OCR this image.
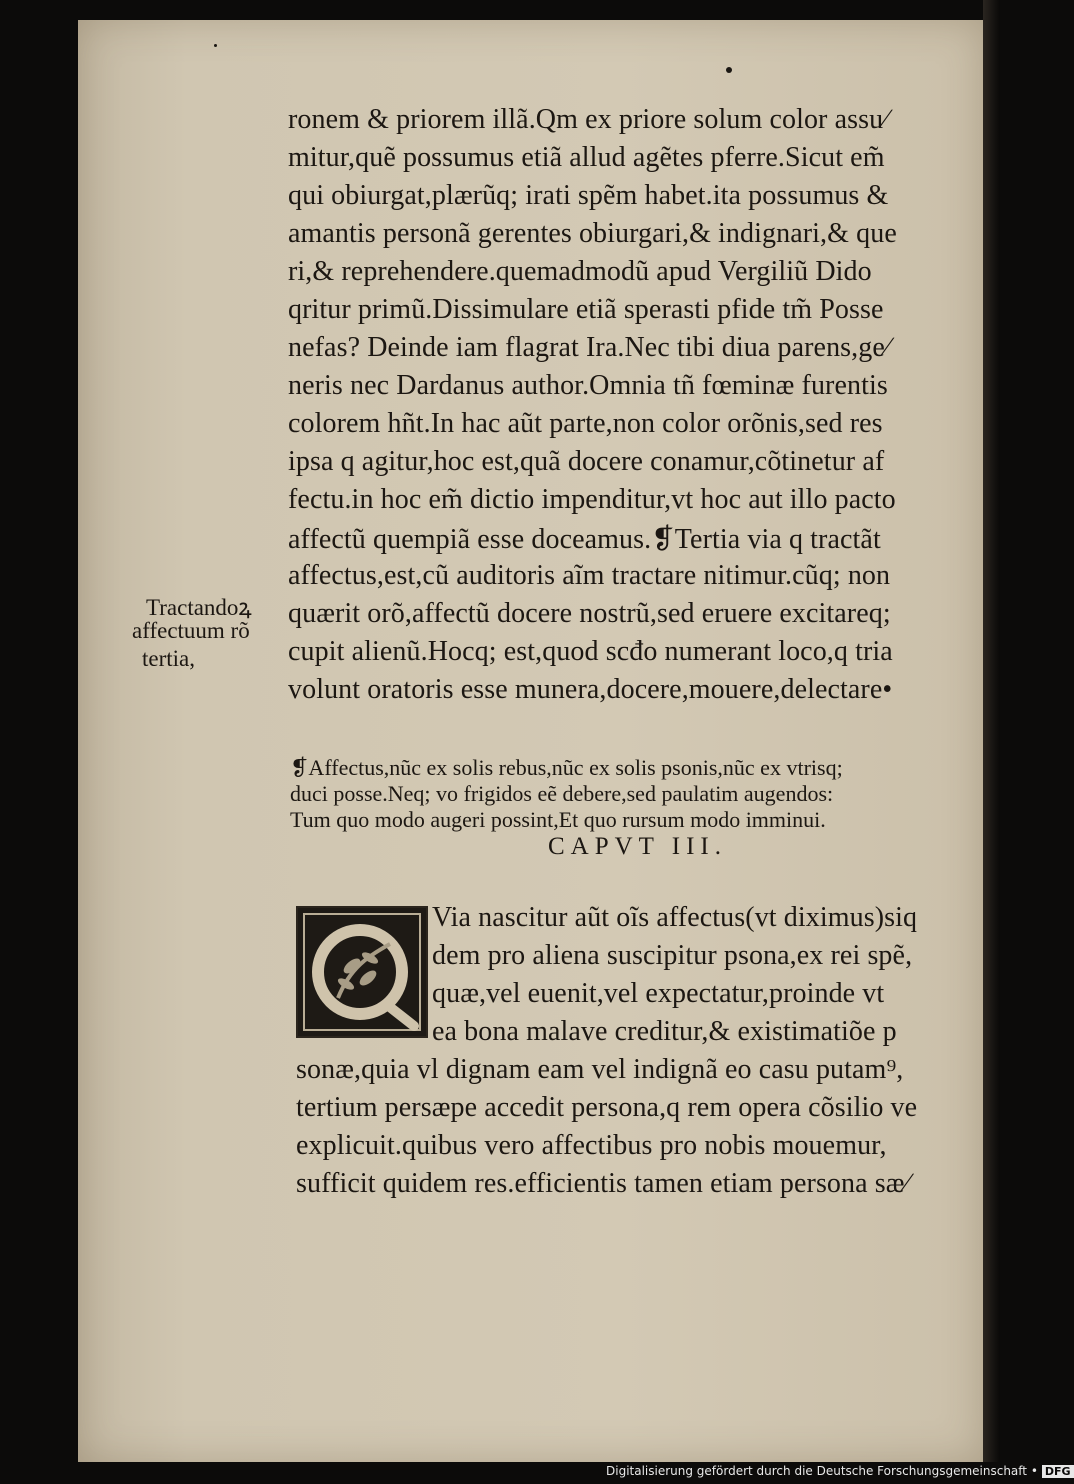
ronem & priorem illã.Qm ex priore solum color assu∕
mitur,quẽ possumus etiã allud agẽtes pferre.Sicut em̃
qui obiurgat,plærũq; irati spẽm habet.ita possumus &
amantis personã gerentes obiurgari,& indignari,& que
ri,& reprehendere.quemadmodũ apud Vergiliũ Dido
qritur primũ.Dissimulare etiã sperasti pfide tm̃ Posse
nefas? Deinde iam flagrat Ira.Nec tibi diua parens,ge∕
neris nec Dardanus author.Omnia tñ fœminæ furentis
colorem hñt.In hac aũt parte,non color orõnis,sed res
ipsa q agitur,hoc est,quã docere conamur,cõtinetur af
fectu.in hoc em̃ dictio impenditur,vt hoc aut illo pacto
affectũ quempiã esse doceamus.❡Tertia via q tractãt
affectus,est,cũ auditoris aĩm tractare nitimur.cũq; non
quærit orõ,affectũ docere nostrũ,sed eruere excitareq;
cupit alienũ.Hocq; est,quod scđo numerant loco,q tria
volunt oratoris esse munera,docere,mouere,delectare•
Tractandoꝝ
affectuum rõ
tertia,
❡Affectus,nũc ex solis rebus,nũc ex solis psonis,nũc ex vtrisq;
duci posse.Neq; vo frigidos eẽ debere,sed paulatim augendos:
Tum quo modo augeri possint,Et quo rursum modo imminui.
CAPVT III.
Via nascitur aũt oĩs affectus(vt diximus)siq
dem pro aliena suscipitur psona,ex rei spẽ,
quæ,vel euenit,vel expectatur,proinde vt
ea bona malave creditur,& existimatiõe p
sonæ,quia vl dignam eam vel indignã eo casu putam⁹,
tertium persæpe accedit persona,q rem opera cõsilio ve
explicuit.quibus vero affectibus pro nobis mouemur,
sufficit quidem res.efficientis tamen etiam persona sæ∕
Digitalisierung gefördert durch die Deutsche Forschungsgemeinschaft • DFG
